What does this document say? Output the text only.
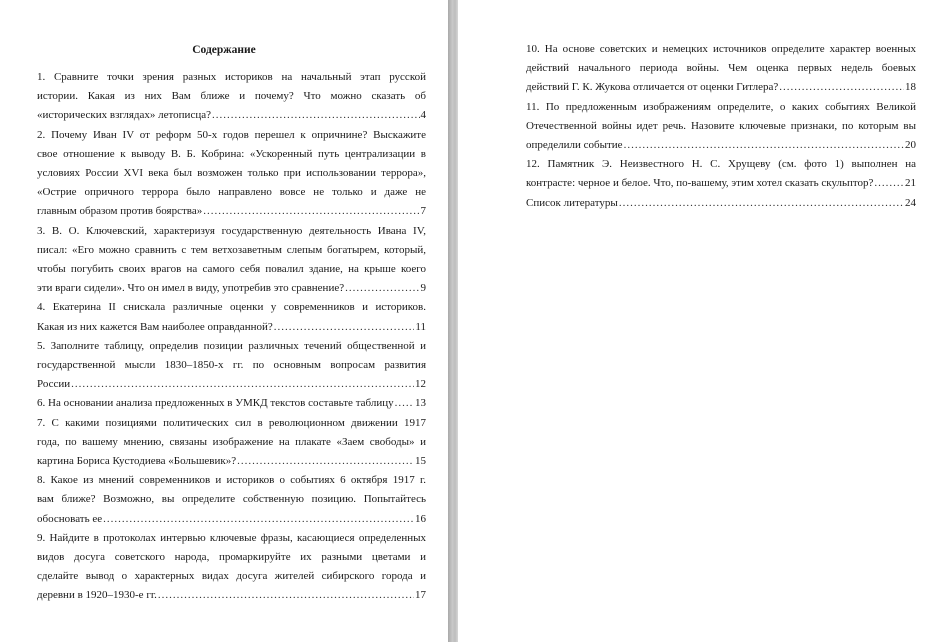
Содержание
1. Сравните точки зрения разных историков на начальный этап русской
истории. Какая из них Вам ближе и почему? Что можно сказать об
«исторических взглядах» летописца? .....	4
2. Почему Иван IV от реформ 50-х годов перешел к опричнине? Выскажите
свое отношение к выводу В. Б. Кобрина: «Ускоренный путь централизации в
условиях России XVI века был возможен только при использовании террора»,
«Острие опричного террора было направлено вовсе не только и даже не
главным образом против боярства» .....	7
3. В. О. Ключевский, характеризуя государственную деятельность Ивана IV,
писал: «Его можно сравнить с тем ветхозаветным слепым богатырем, который,
чтобы погубить своих врагов на самого себя повалил здание, на крыше коего
эти враги сидели». Что он имел в виду, употребив это сравнение? .....	9
4. Екатерина II снискала различные оценки у современников и историков.
Какая из них кажется Вам наиболее оправданной? .....	11
5. Заполните таблицу, определив позиции различных течений общественной и
государственной мысли 1830–1850-х гг. по основным вопросам развития
России .....	12
6. На основании анализа предложенных в УМКД текстов составьте таблицу ..... 13
7. С какими позициями политических сил в революционном движении 1917
года, по вашему мнению, связаны изображение на плакате «Заем свободы» и
картина Бориса Кустодиева «Большевик»? .....	15
8. Какое из мнений современников и историков о событиях 6 октября 1917 г.
вам ближе? Возможно, вы определите собственную позицию. Попытайтесь
обосновать ее .....	16
9. Найдите в протоколах интервью ключевые фразы, касающиеся определенных
видов досуга советского народа, промаркируйте их разными цветами и
сделайте вывод о характерных видах досуга жителей сибирского города и
деревни в 1920–1930-е гг. .....	17
10. На основе советских и немецких источников определите характер военных
действий начального периода войны. Чем оценка первых недель боевых
действий Г. К. Жукова отличается от оценки Гитлера? .....	18
11. По предложенным изображениям определите, о каких событиях Великой
Отечественной войны идет речь. Назовите ключевые признаки, по которым вы
определили событие .....	20
12. Памятник Э. Неизвестного Н. С. Хрущеву (см. фото 1) выполнен на
контрасте: черное и белое. Что, по-вашему, этим хотел сказать скульптор? .....	21
Список литературы .....	24
